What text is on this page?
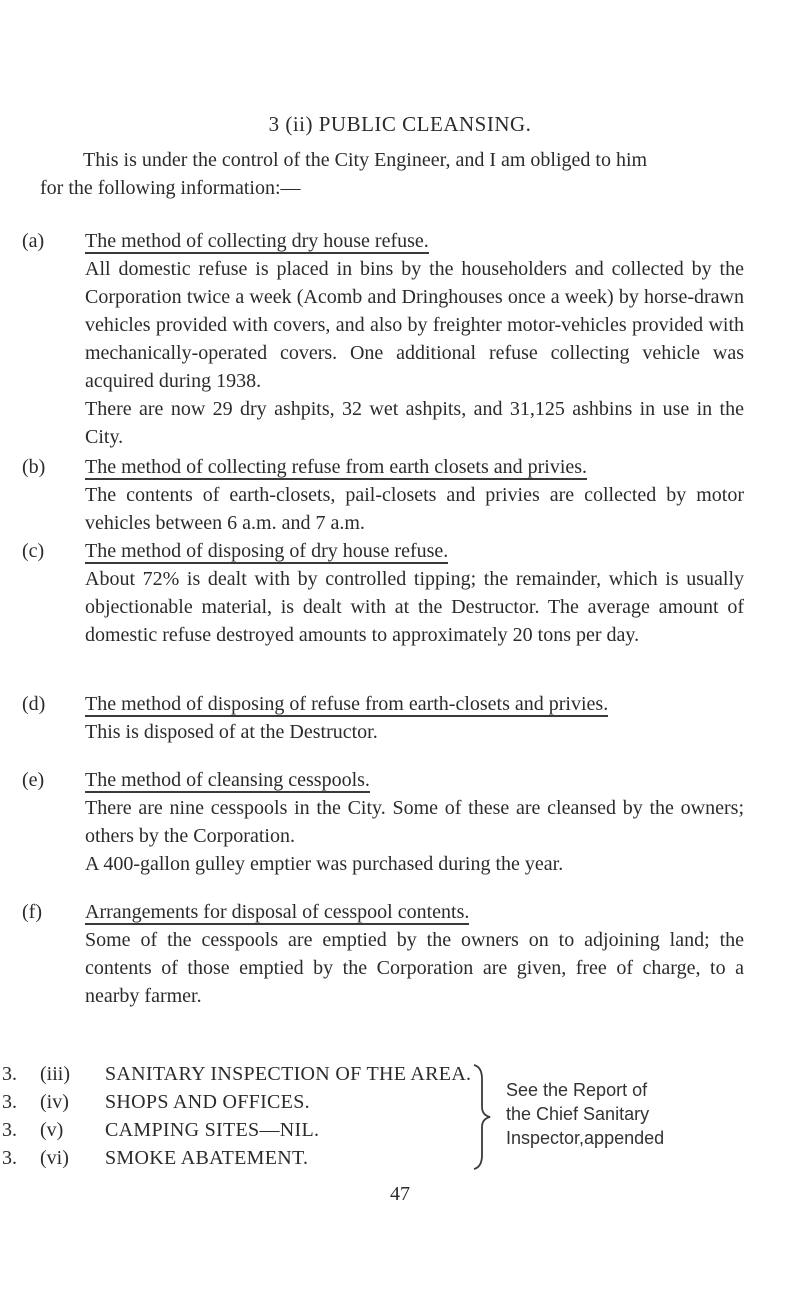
3 (ii) PUBLIC CLEANSING.
This is under the control of the City Engineer, and I am obliged to him
for the following information:—
(a)	The method of collecting dry house refuse.

All domestic refuse is placed in bins by the householders and collected by the Corporation twice a week (Acomb and Dringhouses once a week) by horse-drawn vehicles provided with covers, and also by freighter motor-vehicles provided with mechanically-operated covers. One additional refuse collecting vehicle was acquired during 1938.

There are now 29 dry ashpits, 32 wet ashpits, and 31,125 ashbins in use in the City.

(b)	The method of collecting refuse from earth closets and privies.

The contents of earth-closets, pail-closets and privies are collected by motor vehicles between 6 a.m. and 7 a.m.

(c)	The method of disposing of dry house refuse.

About 72% is dealt with by controlled tipping; the remainder, which is usually objectionable material, is dealt with at the Destructor. The average amount of domestic refuse destroyed amounts to approximately 20 tons per day.

(d)	The method of disposing of refuse from earth-closets and privies.

This is disposed of at the Destructor.

(e)	The method of cleansing cesspools.

There are nine cesspools in the City. Some of these are cleansed by the owners; others by the Corporation.

A 400-gallon gulley emptier was purchased during the year.

(f)	Arrangements for disposal of cesspool contents.

Some of the cesspools are emptied by the owners on to adjoining land; the contents of those emptied by the Corporation are given, free of charge, to a nearby farmer.

3. (iii) SANITARY INSPECTION OF THE AREA.
3. (iv) SHOPS AND OFFICES.
3. (v) CAMPING SITES—NIL.
3. (vi) SMOKE ABATEMENT.
See the Report of
the Chief Sanitary
Inspector,appended
47
